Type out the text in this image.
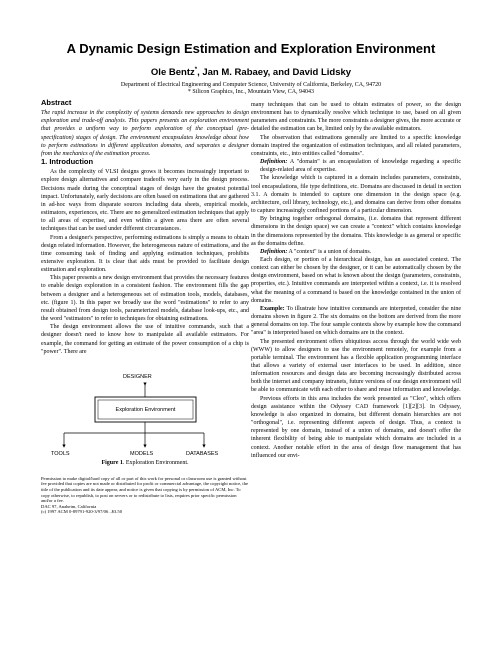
A Dynamic Design Estimation and Exploration Environment
Ole Bentz*, Jan M. Rabaey, and David Lidsky
Department of Electrical Engineering and Computer Science, University of California, Berkeley, CA, 94720
* Silicon Graphics, Inc., Mountain View, CA, 94043
Abstract

The rapid increase in the complexity of systems demands new approaches to design exploration and trade-off analysis. This papers presents an exploration environment that provides a uniform way to perform exploration of the conceptual (pre-specification) stages of design. The environment encapsulates knowledge about how to perform estimations in different application domains, and separates a designer from the mechanics of the estimation process.

1. Introduction

As the complexity of VLSI designs grows it becomes increasingly important to explore design alternatives and compare tradeoffs very early in the design process. Decisions made during the conceptual stages of design have the greatest potential impact. Unfortunately, early decisions are often based on estimations that are gathered in ad-hoc ways from disparate sources including data sheets, empirical models, estimators, experiences, etc. There are no generalized estimation techniques that apply to all areas of expertise, and even within a given area there are often several techniques that can be used under different circumstances.

From a designer's perspective, performing estimations is simply a means to obtain design related information. However, the heterogeneous nature of estimations, and the time consuming task of finding and applying estimation techniques, prohibits extensive exploration. It is clear that aids must be provided to facilitate design estimation and exploration.

This paper presents a new design environment that provides the necessary features to enable design exploration in a consistent fashion. The environment fills the gap between a designer and a heterogeneous set of estimation tools, models, databases, etc. (figure 1). In this paper we broadly use the word "estimations" to refer to any result obtained from design tools, parameterized models, database look-ups, etc., and the word "estimators" to refer to techniques for obtaining estimations.

The design environment allows the use of intuitive commands, such that a designer doesn't need to know how to manipulate all available estimators. For example, the command for getting an estimate of the power consumption of a chip is "power". There are

DESIGNER
Exploration Environment
TOOLS	MODELS	DATABASES
Figure 1. Exploration Environment.

Permission to make digital/hard copy of all or part of this work for personal or classroom use is granted without fee provided that copies are not made or distributed for profit or commercial advantage, the copyright notice, the title of the publication and its date appear, and notice is given that copying is by permission of ACM, Inc. To copy otherwise, to republish, to post on servers or to redistribute to lists, requires prior specific permission and/or a fee.

DAC 97, Anaheim, California

(c) 1997 ACM 0-89791-920-3/97/06 ..$3.50

many techniques that can be used to obtain estimates of power, so the design environment has to dynamically resolve which technique to use, based on all given parameters and constraints. The more constraints a designer gives, the more accurate or detailed the estimation can be, limited only by the available estimators.

The observation that estimations generally are limited to a specific knowledge domain inspired the organization of estimation techniques, and all related parameters, constraints, etc., into entities called "domains".

Definition: A "domain" is an encapsulation of knowledge regarding a specific design-related area of expertise.

The knowledge which is captured in a domain includes parameters, constraints, tool encapsulations, file type definitions, etc. Domains are discussed in detail in section 3.1. A domain is intended to capture one dimension in the design space (e.g. architecture, cell library, technology, etc.), and domains can derive from other domains to capture increasingly confined portions of a particular dimension.

By bringing together orthogonal domains, (i.e. domains that represent different dimensions in the design space) we can create a "context" which contains knowledge in the dimensions represented by the domains. This knowledge is as general or specific as the domains define.

Definition: A "context" is a union of domains.

Each design, or portion of a hierarchical design, has an associated context. The context can either be chosen by the designer, or it can be automatically chosen by the design environment, based on what is known about the design (parameters, constraints, properties, etc.). Intuitive commands are interpreted within a context, i.e. it is resolved what the meaning of a command is based on the knowledge contained in the union of domains.

Example: To illustrate how intuitive commands are interpreted, consider the nine domains shown in figure 2. The six domains on the bottom are derived from the more general domains on top. The four sample contexts show by example how the command "area" is interpreted based on which domains are in the context.

The presented environment offers ubiquitous access through the world wide web (WWW) to allow designers to use the environment remotely, for example from a portable terminal. The environment has a flexible application programming interface that allows a variety of external user interfaces to be used. In addition, since information resources and design data are becoming increasingly distributed across both the internet and company intranets, future versions of our design environment will be able to communicate with each other to share and reuse information and knowledge.

Previous efforts in this area includes the work presented as "Cleo", which offers design assistance within the Odyssey CAD framework [1][2][3]. In Odyssey, knowledge is also organized in domains, but different domain hierarchies are not "orthogonal", i.e. representing different aspects of design. Thus, a context is represented by one domain, instead of a union of domains, and doesn't offer the inherent flexibility of being able to manipulate which domains are included in a context. Another notable effort in the area of design flow management that has influenced our envi-
